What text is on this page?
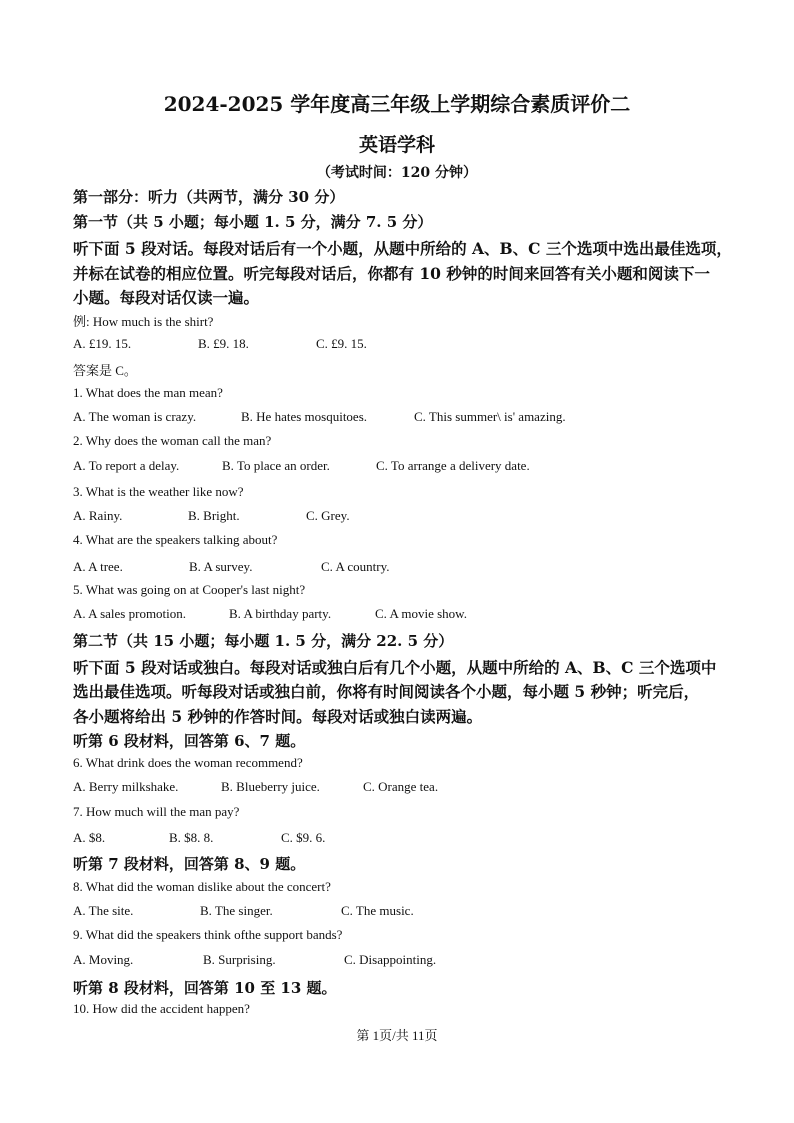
2024-2025 学年度高三年级上学期综合素质评价二
英语学科
（考试时间：120 分钟）
第一部分：听力（共两节，满分 30 分）
第一节（共 5 小题；每小题 1. 5 分，满分 7. 5 分）
听下面 5 段对话。每段对话后有一个小题，从题中所给的 A、B、C 三个选项中选出最佳选项，
并标在试卷的相应位置。听完每段对话后，你都有 10 秒钟的时间来回答有关小题和阅读下一
小题。每段对话仅读一遍。
例: How much is the shirt?
A. £19. 15.	B. £9. 18.	C. £9. 15.
答案是 C。
1. What does the man mean?
A. The woman is crazy.	B. He hates mosquitoes.	C. This summer\ is' amazing.
2. Why does the woman call the man?
A. To report a delay.	B. To place an order.	C. To arrange a delivery date.
3. What is the weather like now?
A. Rainy.	B. Bright.	C. Grey.
4. What are the speakers talking about?
A. A tree.	B. A survey.	C. A country.
5. What was going on at Cooper's last night?
A. A sales promotion.	B. A birthday party.	C. A movie show.
第二节（共 15 小题；每小题 1. 5 分，满分 22. 5 分）
听下面 5 段对话或独白。每段对话或独白后有几个小题，从题中所给的 A、B、C 三个选项中
选出最佳选项。听每段对话或独白前，你将有时间阅读各个小题，每小题 5 秒钟；听完后，
各小题将给出 5 秒钟的作答时间。每段对话或独白读两遍。
听第 6 段材料，回答第 6、7 题。
6. What drink does the woman recommend?
A. Berry milkshake.	B. Blueberry juice.	C. Orange tea.
7. How much will the man pay?
A. $8.	B. $8. 8.	C. $9. 6.
听第 7 段材料，回答第 8、9 题。
8. What did the woman dislike about the concert?
A. The site.	B. The singer.	C. The music.
9. What did the speakers think ofthe support bands?
A. Moving.	B. Surprising.	C. Disappointing.
听第 8 段材料，回答第 10 至 13 题。
10. How did the accident happen?
第 1页/共 11页
